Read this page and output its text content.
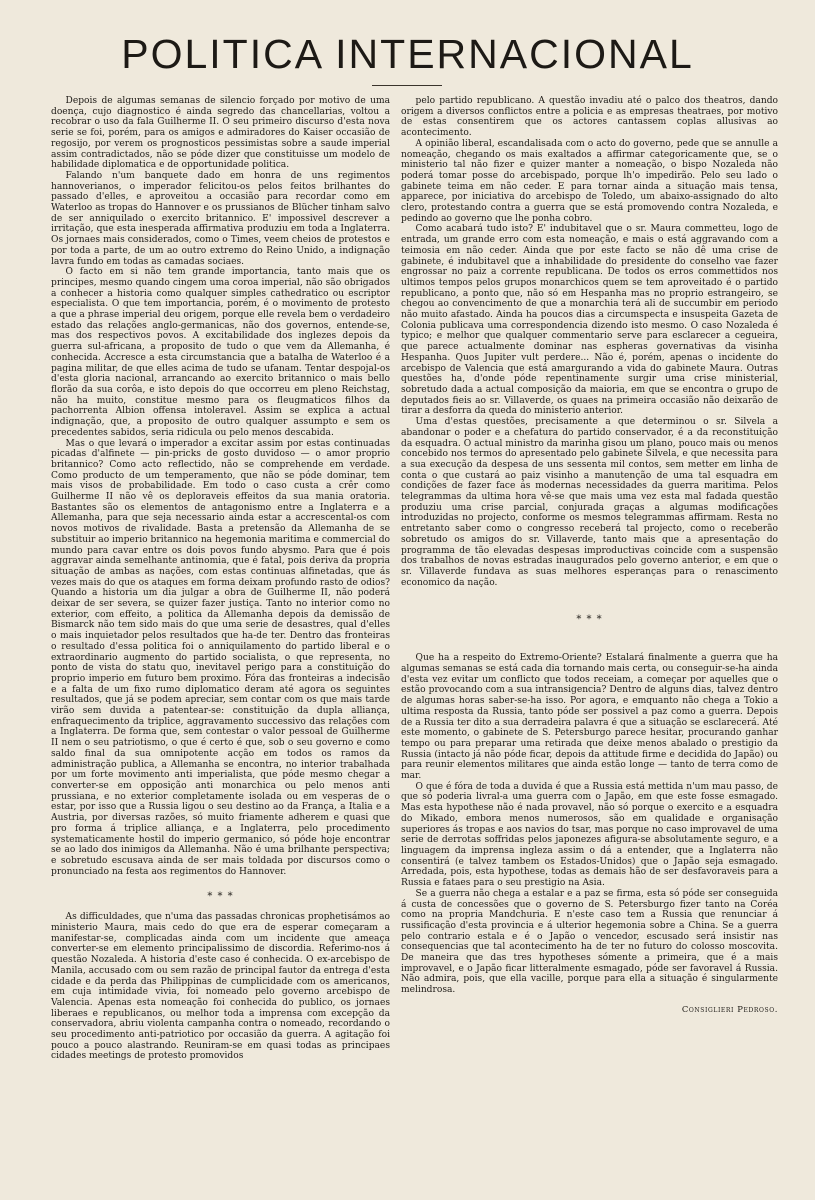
POLITICA INTERNACIONAL

Depois de algumas semanas de silencio forçado por motivo de uma doença, cujo diagnostico é ainda segredo das chancellarias, voltou a recobrar o uso da fala Guilherme II. O seu primeiro discurso d'esta nova serie se foi, porém, para os amigos e admiradores do Kaiser occasião de regosijo, por verem os prognosticos pessimistas sobre a saude imperial assim contradictados, não se póde dizer que constituisse um modelo de habilidade diplomatica e de opportunidade politica.

Falando n'um banquete dado em honra de uns regimentos hannoverianos, o imperador felicitou-os pelos feitos brilhantes do passado d'elles, e aproveitou a occasião para recordar como em Waterloo as tropas do Hannover e os prussianos de Blücher tinham salvo de ser anniquilado o exercito britannico. E' impossivel descrever a irritação, que esta inesperada affirmativa produziu em toda a Inglaterra. Os jornaes mais considerados, como o Times, veem cheios de protestos e por toda a parte, de um ao outro extremo do Reino Unido, a indignação lavra fundo em todas as camadas sociaes.

O facto em si não tem grande importancia, tanto mais que os principes, mesmo quando cingem uma coroa imperial, não são obrigados a conhecer a historia como qualquer simples cathedratico ou escriptor especialista. O que tem importancia, porém, é o movimento de protesto a que a phrase imperial deu origem, porque elle revela bem o verdadeiro estado das relações anglo-germanicas, não dos governos, entende-se, mas dos respectivos povos. A excitabilidade dos inglezes depois da guerra sul-africana, a proposito de tudo o que vem da Allemanha, é conhecida. Accresce a esta circumstancia que a batalha de Waterloo é a pagina militar, de que elles acima de tudo se ufanam. Tentar despojal-os d'esta gloria nacional, arrancando ao exercito britannico o mais bello florão da sua corôa, e isto depois do que occorreu em pleno Reichstag, não ha muito, constitue mesmo para os fleugmaticos filhos da pachorrenta Albion offensa intoleravel. Assim se explica a actual indignação, que, a proposito de outro qualquer assumpto e sem os precedentes sabidos, seria ridicula ou pelo menos descabida.

Mas o que levará o imperador a excitar assim por estas continuadas picadas d'alfinete — pin-pricks de gosto duvidoso — o amor proprio britannico? Como acto reflectido, não se comprehende em verdade. Como producto de um temperamento, que não se póde dominar, tem mais visos de probabilidade. Em todo o caso custa a crêr como Guilherme II não vê os deploraveis effeitos da sua mania oratoria. Bastantes são os elementos de antagonismo entre a Inglaterra e a Allemanha, para que seja necessario ainda estar a accrescental-os com novos motivos de rivalidade. Basta a pretensão da Allemanha de se substituir ao imperio britannico na hegemonia maritima e commercial do mundo para cavar entre os dois povos fundo abysmo. Para que é pois aggravar ainda semelhante antinomia, que é fatal, pois deriva da propria situação de ambas as nações, com estas continuas alfinetadas, que ás vezes mais do que os ataques em forma deixam profundo rasto de odios? Quando a historia um dia julgar a obra de Guilherme II, não poderá deixar de ser severa, se quizer fazer justiça. Tanto no interior como no exterior, com effeito, a politica da Allemanha depois da demissão de Bismarck não tem sido mais do que uma serie de desastres, qual d'elles o mais inquietador pelos resultados que ha-de ter. Dentro das fronteiras o resultado d'essa politica foi o anniquilamento do partido liberal e o extraordinario augmento do partido socialista, o que representa, no ponto de vista do statu quo, inevitavel perigo para a constituição do proprio imperio em futuro bem proximo. Fóra das fronteiras a indecisão e a falta de um fixo rumo diplomatico deram até agora os seguintes resultados, que já se podem apreciar, sem contar com os que mais tarde virão sem duvida a patentear-se: constituição da dupla alliança, enfraquecimento da triplice, aggravamento successivo das relações com a Inglaterra. De forma que, sem contestar o valor pessoal de Guilherme II nem o seu patriotismo, o que é certo é que, sob o seu governo e como saldo final da sua omnipotente acção em todos os ramos da administração publica, a Allemanha se encontra, no interior trabalhada por um forte movimento anti imperialista, que póde mesmo chegar a converter-se em opposição anti monarchica ou pelo menos anti prussiana, e no exterior completamente isolada ou em vesperas de o estar, por isso que a Russia ligou o seu destino ao da França, a Italia e a Austria, por diversas razões, só muito friamente adherem e quasi que pro forma á triplice alliança, e a Inglaterra, pelo procedimento systematicamente hostil do imperio germanico, só póde hoje encontrar se ao lado dos inimigos da Allemanha. Não é uma brilhante perspectiva; e sobretudo escusava ainda de ser mais toldada por discursos como o pronunciado na festa aos regimentos do Hannover.

* * *

As difficuldades, que n'uma das passadas chronicas prophetisámos ao ministerio Maura, mais cedo do que era de esperar começaram a manifestar-se, complicadas ainda com um incidente que ameaça converter-se em elemento principalissimo de discordia. Referimo-nos á questão Nozaleda. A historia d'este caso é conhecida. O ex-arcebispo de Manila, accusado com ou sem razão de principal fautor da entrega d'esta cidade e da perda das Philippinas de cumplicidade com os americanos, em cuja intimidade vivia, foi nomeado pelo governo arcebispo de Valencia. Apenas esta nomeação foi conhecida do publico, os jornaes liberaes e republicanos, ou melhor toda a imprensa com excepção da conservadora, abriu violenta campanha contra o nomeado, recordando o seu procedimento anti-patriotico por occasião da guerra. A agitação foi pouco a pouco alastrando. Reuniram-se em quasi todas as principaes cidades meetings de protesto promovidos

pelo partido republicano. A questão invadiu até o palco dos theatros, dando origem a diversos conflictos entre a policia e as empresas theatraes, por motivo de estas consentirem que os actores cantassem coplas allusivas ao acontecimento.

A opinião liberal, escandalisada com o acto do governo, pede que se annulle a nomeação, chegando os mais exaltados a affirmar categoricamente que, se o ministerio tal não fizer e quizer manter a nomeação, o bispo Nozaleda não poderá tomar posse do arcebispado, porque lh'o impedirão. Pelo seu lado o gabinete teima em não ceder. E para tornar ainda a situação mais tensa, apparece, por iniciativa do arcebispo de Toledo, um abaixo-assignado do alto clero, protestando contra a guerra que se está promovendo contra Nozaleda, e pedindo ao governo que lhe ponha cobro.

Como acabará tudo isto? E' indubitavel que o sr. Maura commetteu, logo de entrada, um grande erro com esta nomeação, e mais o está aggravando com a teimosia em não ceder. Ainda que por este facto se não dê uma crise de gabinete, é indubitavel que a inhabilidade do presidente do conselho vae fazer engrossar no paiz a corrente republicana. De todos os erros commettidos nos ultimos tempos pelos grupos monarchicos quem se tem aproveitado é o partido republicano, a ponto que, não só em Hespanha mas no proprio estrangeiro, se chegou ao convencimento de que a monarchia terá ali de succumbir em periodo não muito afastado. Ainda ha poucos dias a circumspecta e insuspeita Gazeta de Colonia publicava uma correspondencia dizendo isto mesmo. O caso Nozaleda é typico; e melhor que qualquer commentario serve para esclarecer a cegueira, que parece actualmente dominar nas espheras governativas da visinha Hespanha. Quos Jupiter vult perdere... Não é, porém, apenas o incidente do arcebispo de Valencia que está amargurando a vida do gabinete Maura. Outras questões ha, d'onde póde repentinamente surgir uma crise ministerial, sobretudo dada a actual composição da maioria, em que se encontra o grupo de deputados fieis ao sr. Villaverde, os quaes na primeira occasião não deixarão de tirar a desforra da queda do ministerio anterior.

Uma d'estas questões, precisamente a que determinou o sr. Silvela a abandonar o poder e a chefatura do partido conservador, é a da reconstituição da esquadra. O actual ministro da marinha gisou um plano, pouco mais ou menos concebido nos termos do apresentado pelo gabinete Silvela, e que necessita para a sua execução da despesa de uns sessenta mil contos, sem metter em linha de conta o que custará ao paiz visinho a manutenção de uma tal esquadra em condições de fazer face ás modernas necessidades da guerra maritima. Pelos telegrammas da ultima hora vê-se que mais uma vez esta mal fadada questão produziu uma crise parcial, conjurada graças a algumas modificações introduzidas no projecto, conforme os mesmos telegrammas affirmam. Resta no entretanto saber como o congresso receberá tal projecto, como o receberão sobretudo os amigos do sr. Villaverde, tanto mais que a apresentação do programma de tão elevadas despesas improductivas coincide com a suspensão dos trabalhos de novas estradas inaugurados pelo governo anterior, e em que o sr. Villaverde fundava as suas melhores esperanças para o renascimento economico da nação.

* * *

Que ha a respeito do Extremo-Oriente? Estalará finalmente a guerra que ha algumas semanas se está cada dia tornando mais certa, ou conseguir-se-ha ainda d'esta vez evitar um conflicto que todos receiam, a começar por aquelles que o estão provocando com a sua intransigencia? Dentro de alguns dias, talvez dentro de algumas horas saber-se-ha isso. Por agora, e emquanto não chega a Tokio a ultima resposta da Russia, tanto póde ser possivel a paz como a guerra. Depois de a Russia ter dito a sua derradeira palavra é que a situação se esclarecerá. Até este momento, o gabinete de S. Petersburgo parece hesitar, procurando ganhar tempo ou para preparar uma retirada que deixe menos abalado o prestigio da Russia (intacto já não póde ficar, depois da attitude firme e decidida do Japão) ou para reunir elementos militares que ainda estão longe — tanto de terra como de mar.

O que é fóra de toda a duvida é que a Russia está mettida n'um mau passo, de que só poderia livral-a uma guerra com o Japão, em que este fosse esmagado. Mas esta hypothese não é nada provavel, não só porque o exercito e a esquadra do Mikado, embora menos numerosos, são em qualidade e organisação superiores ás tropas e aos navios do tsar, mas porque no caso improvavel de uma serie de derrotas soffridas pelos japonezes afigura-se absolutamente seguro, e a linguagem da imprensa ingleza assim o dá a entender, que a Inglaterra não consentirá (e talvez tambem os Estados-Unidos) que o Japão seja esmagado. Arredada, pois, esta hypothese, todas as demais hão de ser desfavoraveis para a Russia e fataes para o seu prestigio na Asia.

Se a guerra não chega a estalar e a paz se firma, esta só póde ser conseguida á custa de concessões que o governo de S. Petersburgo fizer tanto na Coréa como na propria Mandchuria. E n'este caso tem a Russia que renunciar á russificação d'esta provincia e á ulterior hegemonia sobre a China. Se a guerra pelo contrario estala e é o Japão o vencedor, escusado será insistir nas consequencias que tal acontecimento ha de ter no futuro do colosso moscovita. De maneira que das tres hypotheses sómente a primeira, que é a mais improvavel, e o Japão ficar litteralmente esmagado, póde ser favoravel á Russia. Não admira, pois, que ella vacille, porque para ella a situação é singularmente melindrosa.

Consiglieri Pedroso.
